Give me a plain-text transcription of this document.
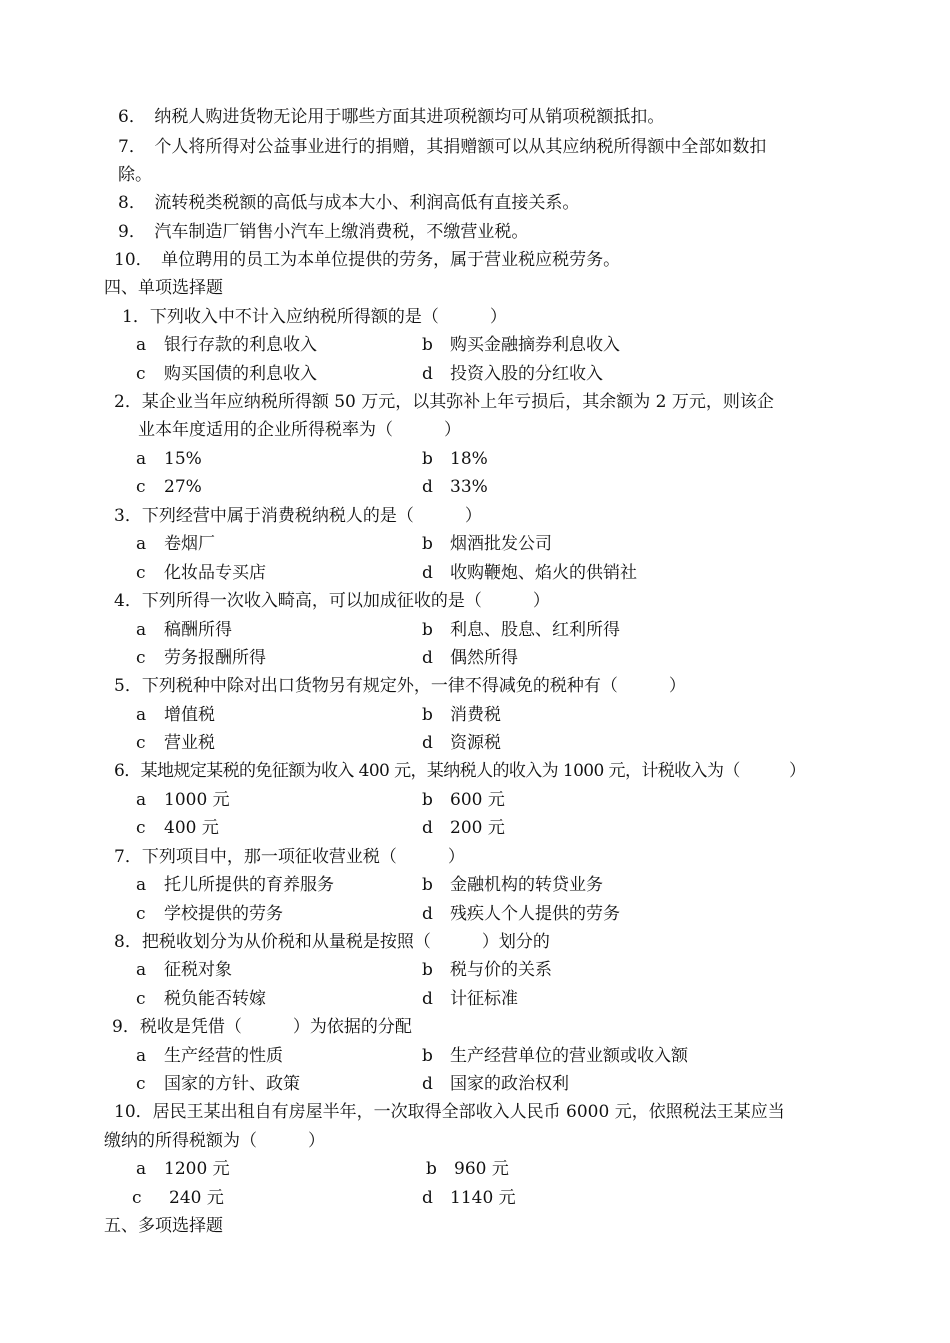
6．　纳税人购进货物无论用于哪些方面其进项税额均可从销项税额抵扣。
7．　个人将所得对公益事业进行的捐赠，其捐赠额可以从其应纳税所得额中全部如数扣
除。
8．　流转税类税额的高低与成本大小、利润高低有直接关系。
9．　汽车制造厂销售小汽车上缴消费税，不缴营业税。
10．　单位聘用的员工为本单位提供的劳务，属于营业税应税劳务。
四、单项选择题
1．下列收入中不计入应纳税所得额的是（　　　）
a 银行存款的利息收入	b 购买金融摘券利息收入
c 购买国债的利息收入	d 投资入股的分红收入
2．某企业当年应纳税所得额 50 万元，以其弥补上年亏损后，其余额为 2 万元，则该企
业本年度适用的企业所得税率为（　　　）
a 15%	b 18%
c 27%	d 33%
3．下列经营中属于消费税纳税人的是（　　　）
a 卷烟厂	b 烟酒批发公司
c 化妆品专买店	d 收购鞭炮、焰火的供销社
4．下列所得一次收入畸高，可以加成征收的是（　　　）
a 稿酬所得	b 利息、股息、红利所得
c 劳务报酬所得	d 偶然所得
5．下列税种中除对出口货物另有规定外，一律不得减免的税种有（　　　）
a 增值税	b 消费税
c 营业税	d 资源税
6．某地规定某税的免征额为收入 400 元，某纳税人的收入为 1000 元，计税收入为（　　　）
a 1000 元	b 600 元
c 400 元	d 200 元
7．下列项目中，那一项征收营业税（　　　）
a 托儿所提供的育养服务	b 金融机构的转贷业务
c 学校提供的劳务	d 残疾人个人提供的劳务
8．把税收划分为从价税和从量税是按照（　　　）划分的
a 征税对象	b 税与价的关系
c 税负能否转嫁	d 计征标准
9．税收是凭借（　　　）为依据的分配
a 生产经营的性质	b 生产经营单位的营业额或收入额
c 国家的方针、政策	d 国家的政治权利
10．居民王某出租自有房屋半年，一次取得全部收入人民币 6000 元，依照税法王某应当
缴纳的所得税额为（　　　）
a 1200 元	b 960 元
c 240 元	d 1140 元
五、多项选择题
